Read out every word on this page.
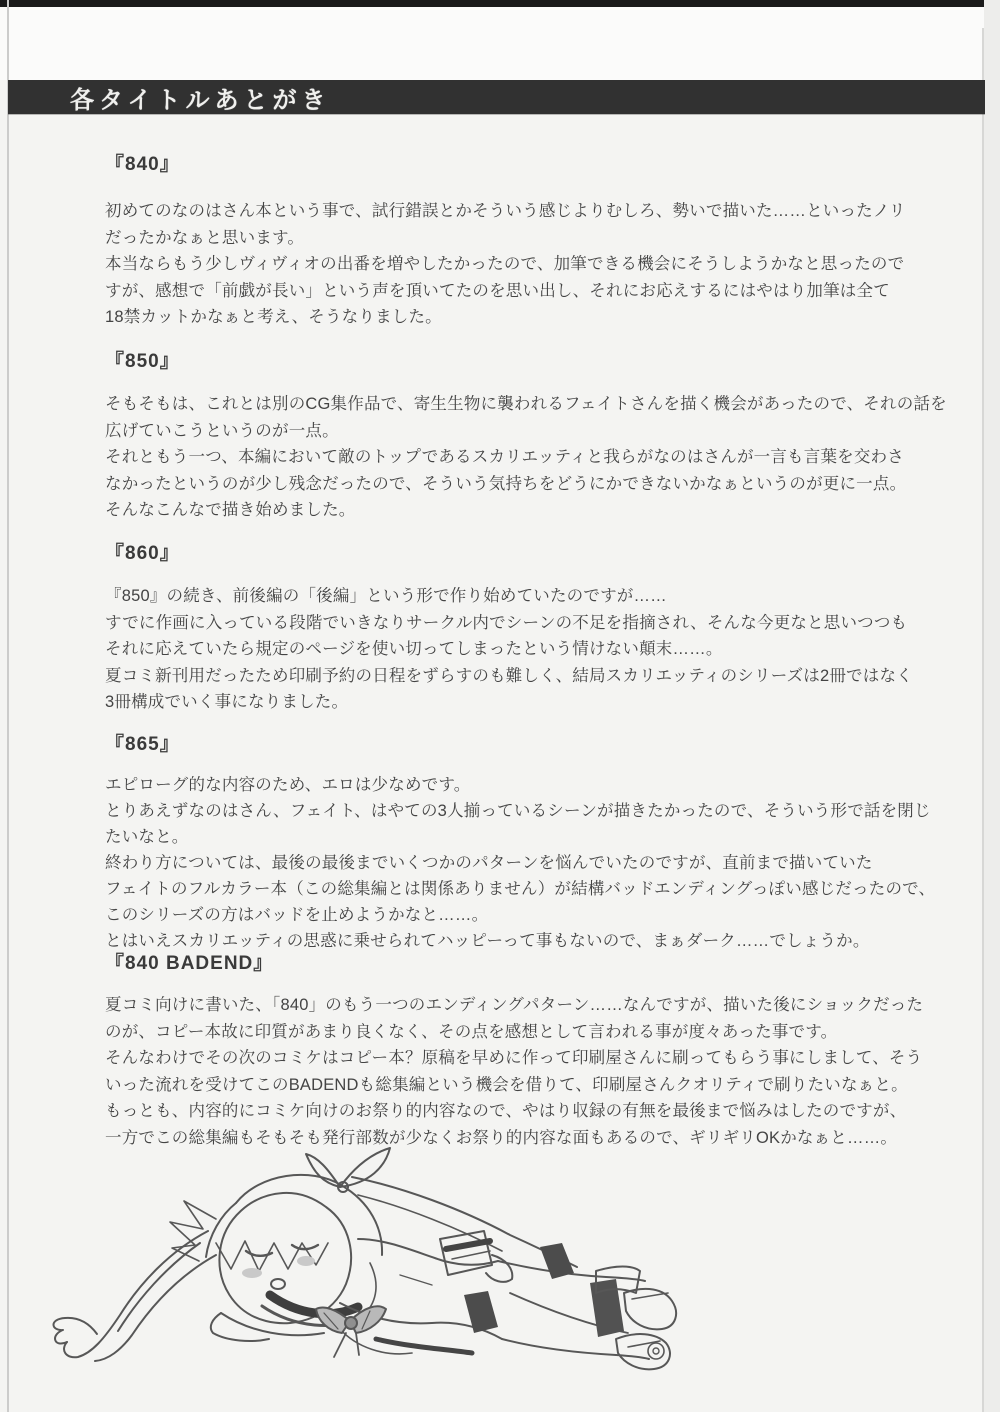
各タイトルあとがき
『840』
初めてのなのはさん本という事で、試行錯誤とかそういう感じよりむしろ、勢いで描いた……といったノリ
だったかなぁと思います。
本当ならもう少しヴィヴィオの出番を増やしたかったので、加筆できる機会にそうしようかなと思ったので
すが、感想で「前戯が長い」という声を頂いてたのを思い出し、それにお応えするにはやはり加筆は全て
18禁カットかなぁと考え、そうなりました。
『850』
そもそもは、これとは別のCG集作品で、寄生生物に襲われるフェイトさんを描く機会があったので、それの話を
広げていこうというのが一点。
それともう一つ、本編において敵のトップであるスカリエッティと我らがなのはさんが一言も言葉を交わさ
なかったというのが少し残念だったので、そういう気持ちをどうにかできないかなぁというのが更に一点。
そんなこんなで描き始めました。
『860』
『850』の続き、前後編の「後編」という形で作り始めていたのですが……
すでに作画に入っている段階でいきなりサークル内でシーンの不足を指摘され、そんな今更なと思いつつも
それに応えていたら規定のページを使い切ってしまったという情けない顛末……。
夏コミ新刊用だったため印刷予約の日程をずらすのも難しく、結局スカリエッティのシリーズは2冊ではなく
3冊構成でいく事になりました。
『865』
エピローグ的な内容のため、エロは少なめです。
とりあえずなのはさん、フェイト、はやての3人揃っているシーンが描きたかったので、そういう形で話を閉じ
たいなと。
終わり方については、最後の最後までいくつかのパターンを悩んでいたのですが、直前まで描いていた
フェイトのフルカラー本（この総集編とは関係ありません）が結構バッドエンディングっぽい感じだったので、
このシリーズの方はバッドを止めようかなと……。
とはいえスカリエッティの思惑に乗せられてハッピーって事もないので、まぁダーク……でしょうか。
『840 BADEND』
夏コミ向けに書いた、「840」のもう一つのエンディングパターン……なんですが、描いた後にショックだった
のが、コピー本故に印質があまり良くなく、その点を感想として言われる事が度々あった事です。
そんなわけでその次のコミケはコピー本？原稿を早めに作って印刷屋さんに刷ってもらう事にしまして、そう
いった流れを受けてこのBADENDも総集編という機会を借りて、印刷屋さんクオリティで刷りたいなぁと。
もっとも、内容的にコミケ向けのお祭り的内容なので、やはり収録の有無を最後まで悩みはしたのですが、
一方でこの総集編もそもそも発行部数が少なくお祭り的内容な面もあるので、ギリギリOKかなぁと……。
